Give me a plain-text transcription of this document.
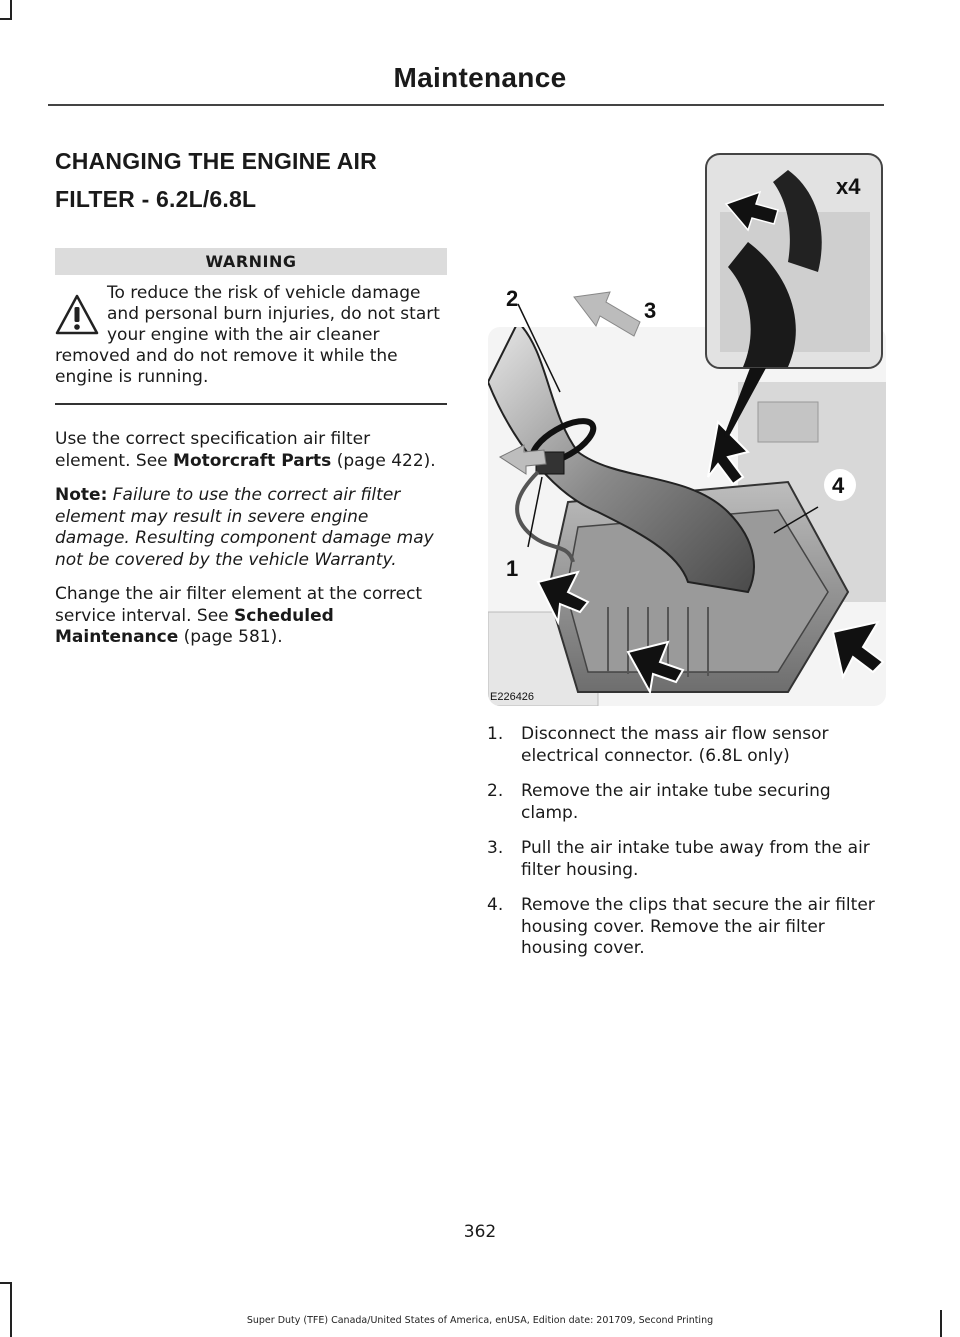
Maintenance
CHANGING THE ENGINE AIR
FILTER - 6.2L/6.8L
WARNING
To reduce the risk of vehicle damage and personal burn injuries, do not start your engine with the air cleaner removed and do not remove it while the engine is running.

Use the correct specification air filter element. See Motorcraft Parts (page 422).

Note: Failure to use the correct air filter element may result in severe engine damage. Resulting component damage may not be covered by the vehicle Warranty.

Change the air filter element at the correct service interval. See Scheduled Maintenance (page 581).

2	3
4
1
x4
E226426
1. Disconnect the mass air flow sensor electrical connector. (6.8L only)
2. Remove the air intake tube securing clamp.
3. Pull the air intake tube away from the air filter housing.
4. Remove the clips that secure the air filter housing cover. Remove the air filter housing cover.
362
Super Duty (TFE) Canada/United States of America, enUSA, Edition date: 201709, Second Printing
